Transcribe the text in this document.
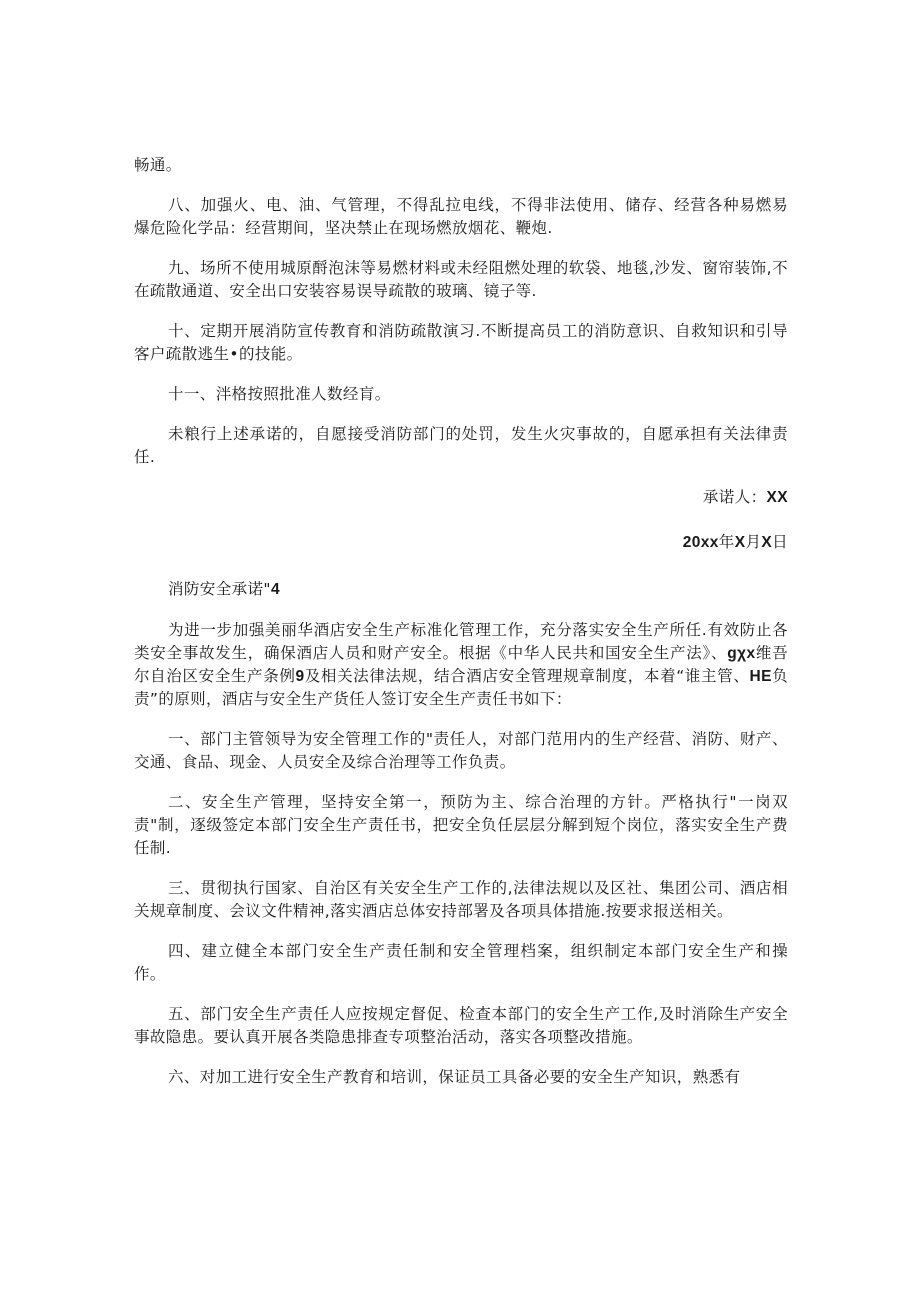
畅通。

八、加强火、电、油、气管理，不得乱拉电线，不得非法使用、储存、经营各种易燃易爆危险化学品：经营期间，坚决禁止在现场燃放烟花、鞭炮.

九、场所不使用城原酹泡沫等易燃材料或未经阻燃处理的软袋、地毯,沙发、窗帘装饰,不在疏散通道、安全出口安装容易误导疏散的玻璃、镜子等.

十、定期开展消防宣传教育和消防疏散演习.不断提高员工的消防意识、自救知识和引导客户疏散逃生•的技能。

十一、泮格按照批准人数经肓。

未粮行上述承诺的，自愿接受消防部门的处罚，发生火灾事故的，自愿承担有关法律责任.

承诺人：XX

20xx年X月X日

消防安全承诺"4

为进一步加强美丽华酒店安全生产标准化管理工作，充分落实安全生产所任.有效防止各类安全事故发生，确保酒店人员和财产安全。根据《中华人民共和国安全生产法》、gχx维吾尔自治区安全生产条例9及相关法律法规，结合酒店安全管理规章制度，本着“谁主管、HE负责”的原则，酒店与安全生产货任人签订安全生产责任书如下：

一、部门主管领导为安全管理工作的"责任人，对部门范用内的生产经营、消防、财产、交通、食品、现金、人员安全及综合治理等工作负责。

二、安全生产管理，坚持安全第一，预防为主、综合治理的方针。严格执行"一岗双责"制，逐级签定本部门安全生产责任书，把安全负任层层分解到短个岗位，落实安全生产费任制.

三、贯彻执行国家、自治区有关安全生产工作的,法律法规以及区社、集团公司、酒店相关规章制度、会议文件精神,落实酒店总体安持部署及各项具体措施.按要求报送相关。

四、建立健全本部门安全生产责任制和安全管理档案，组织制定本部门安全生产和操作。

五、部门安全生产责任人应按规定督促、检查本部门的安全生产工作,及时消除生产安全事故隐患。要认真开展各类隐患排查专项整治活动，落实各项整改措施。

六、对加工进行安全生产教育和培训，保证员工具备必要的安全生产知识，熟悉有
